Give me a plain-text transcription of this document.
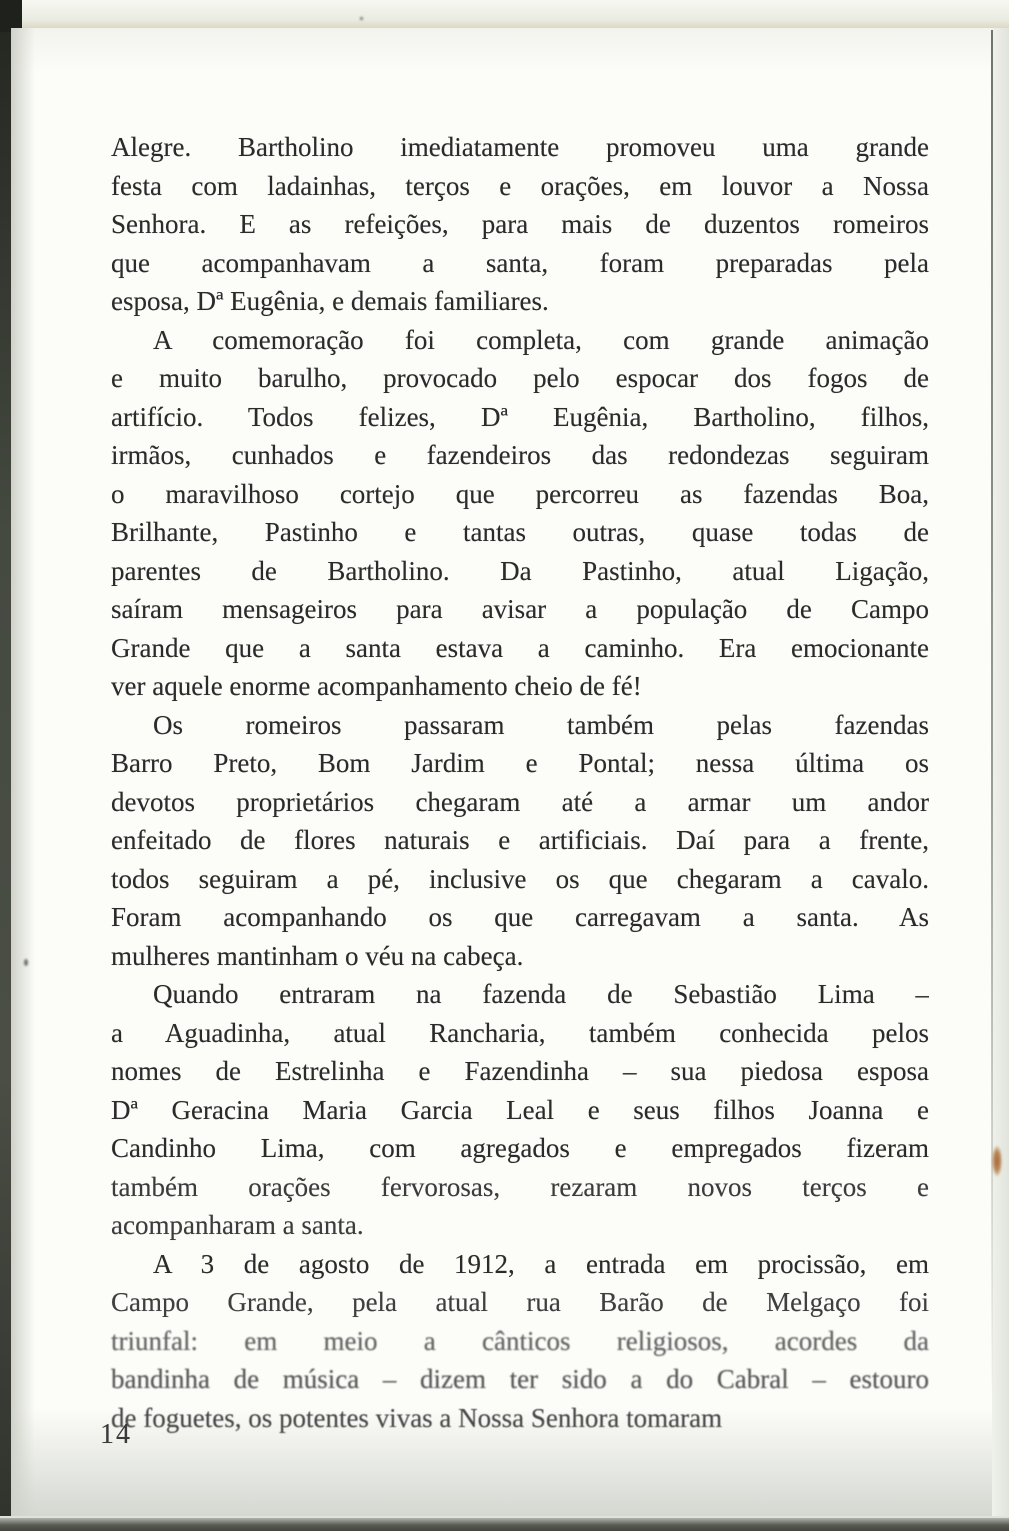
Alegre. Bartholino imediatamente promoveu uma grande
festa com ladainhas, terços e orações, em louvor a Nossa
Senhora. E as refeições, para mais de duzentos romeiros
que acompanhavam a santa, foram preparadas pela
esposa, Dª Eugênia, e demais familiares.
A comemoração foi completa, com grande animação
e muito barulho, provocado pelo espocar dos fogos de
artifício. Todos felizes, Dª Eugênia, Bartholino, filhos,
irmãos, cunhados e fazendeiros das redondezas seguiram
o maravilhoso cortejo que percorreu as fazendas Boa,
Brilhante, Pastinho e tantas outras, quase todas de
parentes de Bartholino. Da Pastinho, atual Ligação,
saíram mensageiros para avisar a população de Campo
Grande que a santa estava a caminho. Era emocionante
ver aquele enorme acompanhamento cheio de fé!
Os romeiros passaram também pelas fazendas
Barro Preto, Bom Jardim e Pontal; nessa última os
devotos proprietários chegaram até a armar um andor
enfeitado de flores naturais e artificiais. Daí para a frente,
todos seguiram a pé, inclusive os que chegaram a cavalo.
Foram acompanhando os que carregavam a santa. As
mulheres mantinham o véu na cabeça.
Quando entraram na fazenda de Sebastião Lima –
a Aguadinha, atual Rancharia, também conhecida pelos
nomes de Estrelinha e Fazendinha – sua piedosa esposa
Dª Geracina Maria Garcia Leal e seus filhos Joanna e
Candinho Lima, com agregados e empregados fizeram
também orações fervorosas, rezaram novos terços e
acompanharam a santa.
A 3 de agosto de 1912, a entrada em procissão, em
Campo Grande, pela atual rua Barão de Melgaço foi
triunfal: em meio a cânticos religiosos, acordes da
bandinha de música – dizem ter sido a do Cabral – estouro
de foguetes, os potentes vivas a Nossa Senhora tomaram
14
